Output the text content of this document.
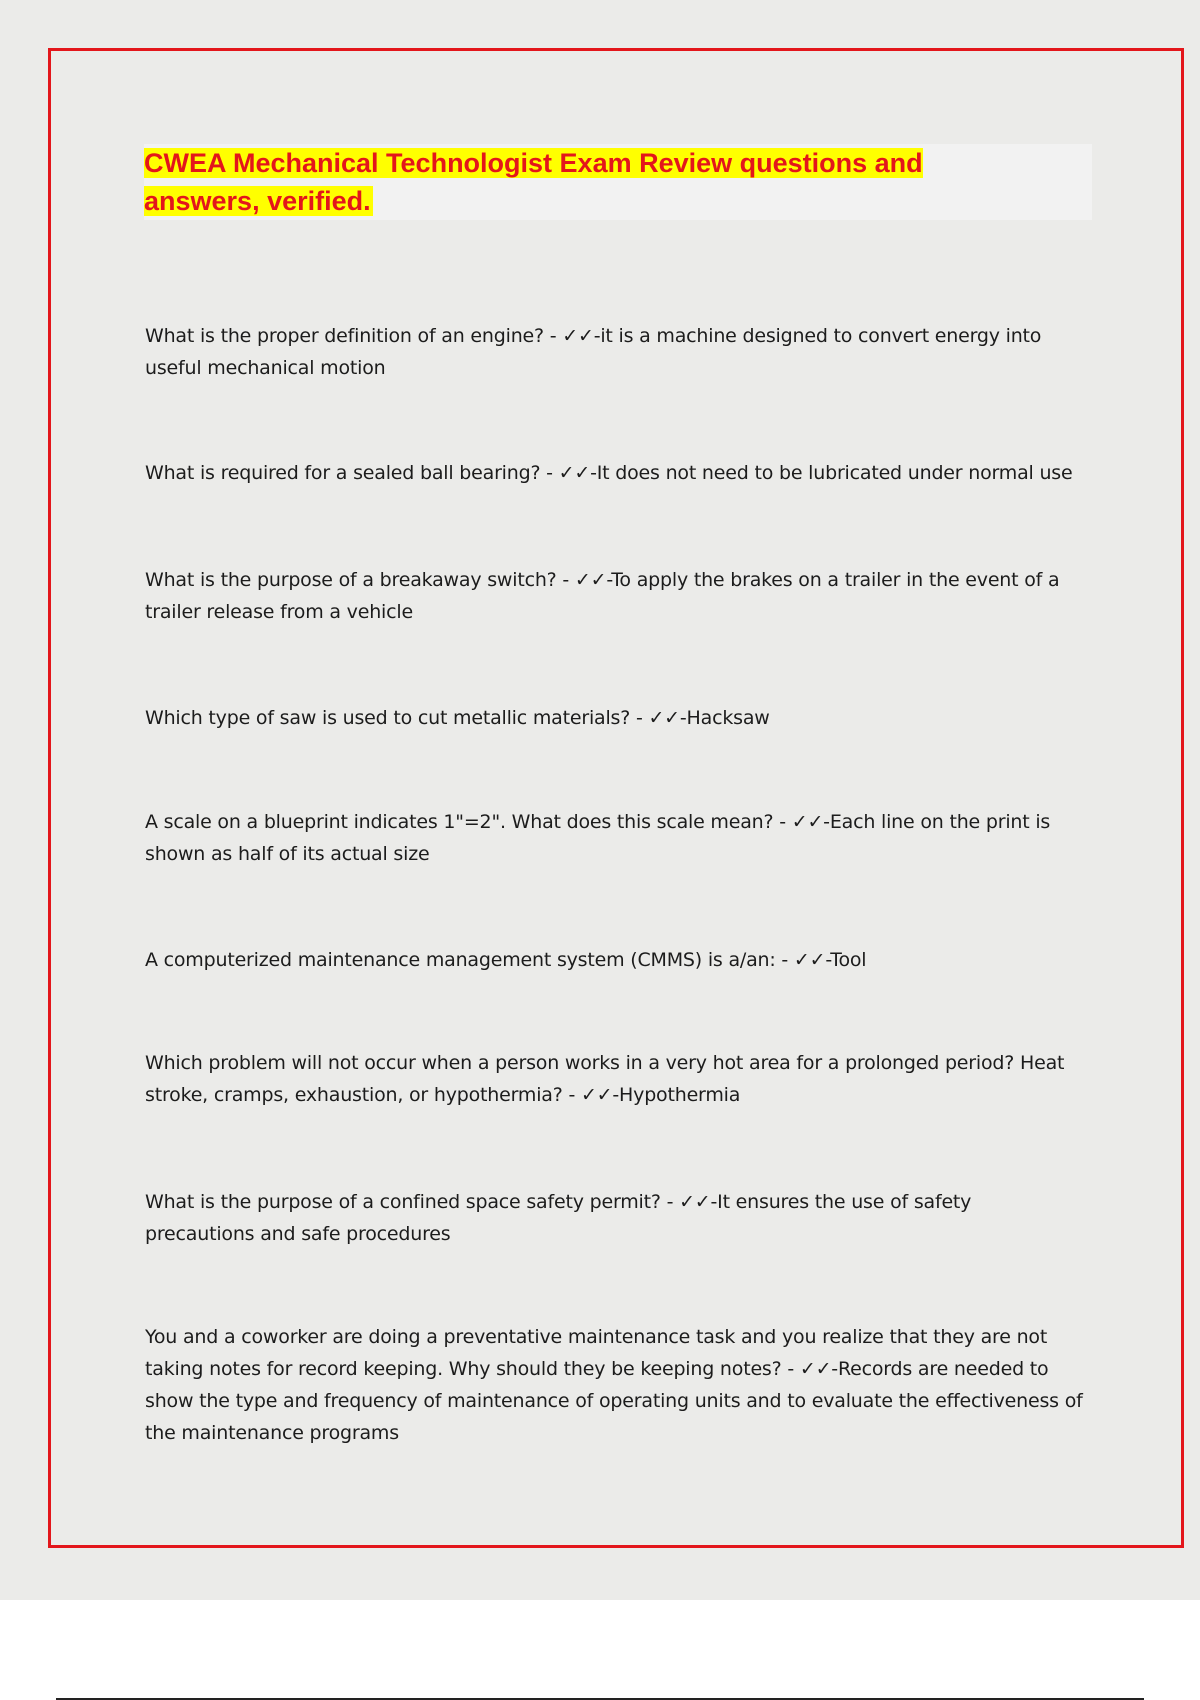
CWEA Mechanical Technologist Exam Review questions and answers, verified.

What is the proper definition of an engine? - ✓✓-it is a machine designed to convert energy into useful mechanical motion

What is required for a sealed ball bearing? - ✓✓-It does not need to be lubricated under normal use

What is the purpose of a breakaway switch? - ✓✓-To apply the brakes on a trailer in the event of a trailer release from a vehicle

Which type of saw is used to cut metallic materials? - ✓✓-Hacksaw

A scale on a blueprint indicates 1"=2". What does this scale mean? - ✓✓-Each line on the print is shown as half of its actual size

A computerized maintenance management system (CMMS) is a/an: - ✓✓-Tool

Which problem will not occur when a person works in a very hot area for a prolonged period? Heat stroke, cramps, exhaustion, or hypothermia? - ✓✓-Hypothermia

What is the purpose of a confined space safety permit? - ✓✓-It ensures the use of safety precautions and safe procedures

You and a coworker are doing a preventative maintenance task and you realize that they are not taking notes for record keeping. Why should they be keeping notes? - ✓✓-Records are needed to show the type and frequency of maintenance of operating units and to evaluate the effectiveness of the maintenance programs
